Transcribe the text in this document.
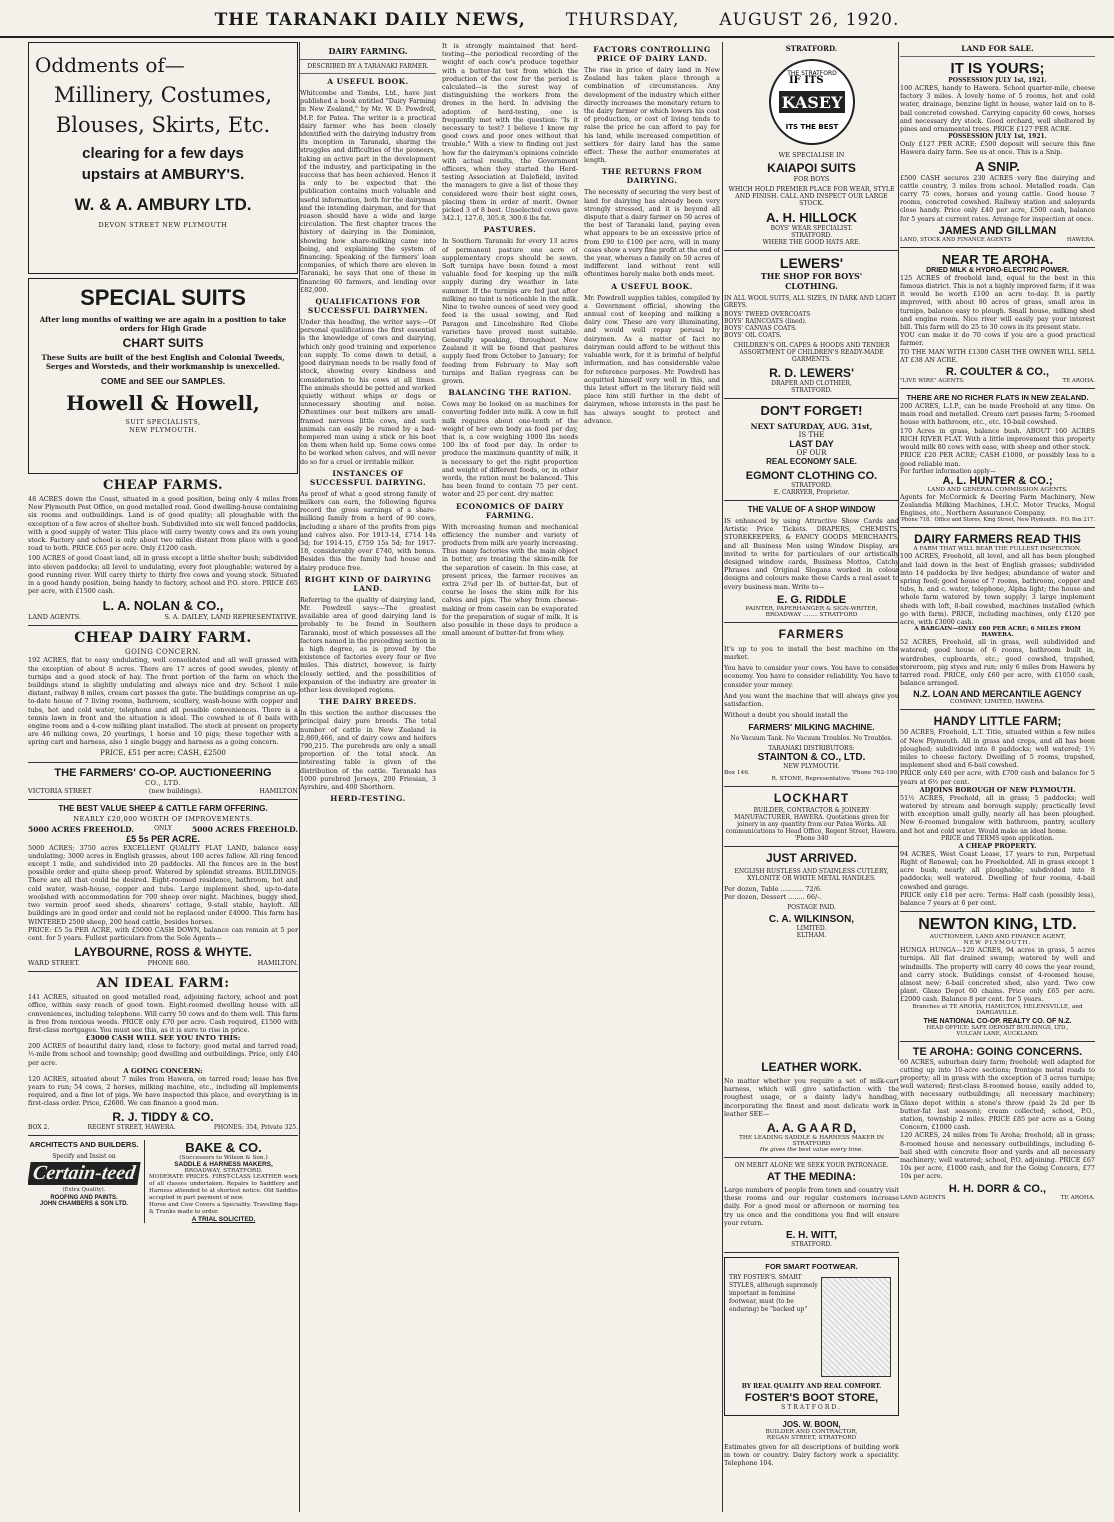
THE TARANAKI DAILY NEWS, THURSDAY, AUGUST 26, 1920.
Oddments of—
Millinery, Costumes,
Blouses, Skirts, Etc.
clearing for a few days
upstairs at AMBURY'S.
W. & A. AMBURY LTD.
DEVON STREET NEW PLYMOUTH
SPECIAL SUITS
After long months of waiting we are again in a position to take orders for High Grade
CHART SUITS
These Suits are built of the best English and Colonial Tweeds, Serges and Worsteds, and their workmanship is unexcelled.
COME and SEE our SAMPLES.
Howell & Howell,
SUIT SPECIALISTS,
NEW PLYMOUTH.
CHEAP FARMS.

48 ACRES down the Coast, situated in a good position, being only 4 miles from New Plymouth Post Office, on good metalled road. Good dwelling-house containing six rooms and outbuildings. Land is of good quality; all ploughable with the exception of a few acres of shelter bush. Subdivided into six well fenced paddocks, with a good supply of water. This place will carry twenty cows and its own young stock. Factory and school is only about two miles distant from place with a good road to both. PRICE £65 per acre. Only £1200 cash.

100 ACRES of good Coast land, all in grass except a little shelter bush; subdivided into eleven paddocks; all level to undulating, every foot ploughable; watered by a good running river. Will carry thirty to thirty five cows and young stock. Situated in a good handy position, being handy to factory, school and P.O. store. PRICE £65 per acre, with £1500 cash.

L. A. NOLAN & CO.,
LAND AGENTS.	S. A. DAILEY, LAND REPRESENTATIVE.
CHEAP DAIRY FARM.
GOING CONCERN.

192 ACRES, flat to easy undulating, well consolidated and all well grassed with the exception of about 8 acres. There are 17 acres of good swedes, plenty of turnips and a good stock of hay. The front portion of the farm on which the buildings stand is slightly undulating and always nice and dry. School 1 mile distant, railway 8 miles, cream cart passes the gate. The buildings comprise an up-to-date house of 7 living rooms, bathroom, scullery, wash-house with copper and tubs, hot and cold water, telephone and all possible conveniences. There is a tennis lawn in front and the situation is ideal. The cowshed is of 6 bails with engine room and a 4-cow milking plant installed. The stock at present on property are 46 milking cows, 20 yearlings, 1 horse and 10 pigs; these together with a spring cart and harness, also 1 single buggy and harness as a going concern.

PRICE, £51 per acre; CASH, £2500
THE FARMERS' CO-OP. AUCTIONEERING
CO., LTD.
VICTORIA STREET	(new buildings).	HAMILTON
THE BEST VALUE SHEEP & CATTLE FARM OFFERING.
NEARLY £20,000 WORTH OF IMPROVEMENTS.
5000 ACRES FREEHOLD.	ONLY	5000 ACRES FREEHOLD.
£5 5s PER ACRE.

5000 ACRES; 3750 acres EXCELLENT QUALITY FLAT LAND, balance easy undulating; 3000 acres in English grasses, about 100 acres fallow. All ring fenced except 1 mile, and subdivided into 20 paddocks. All the fences are in the best possible order and quite sheep proof. Watered by splendid streams. BUILDINGS: There are all that could be desired. Eight-roomed residence, bathroom, hot and cold water, wash-house, copper and tubs. Large implement shed, up-to-date woolshed with accommodation for 700 sheep over night. Machines, buggy shed, two vermin proof seed sheds, shearers' cottage, 9-stall stable, hayloft. All buildings are in good order and could not be replaced under £4000. This farm has WINTERED 2500 sheep, 200 head cattle, besides horses.

PRICE: £5 5s PER ACRE, with £5000 CASH DOWN, balance can remain at 5 per cent. for 5 years. Fullest particulars from the Sole Agents—

LAYBOURNE, ROSS & WHYTE.
WARD STREET.	PHONE 680.	HAMILTON.
AN IDEAL FARM:

141 ACRES, situated on good metalled road, adjoining factory, school and post office, within easy reach of good town. Eight-roomed dwelling house with all conveniences, including telephone. Will carry 50 cows and do them well. This farm is free from noxious weeds. PRICE only £70 per acre. Cash required, £1500 with first-class mortgages. You must see this, as it is sure to rise in price.

£3000 CASH WILL SEE YOU INTO THIS:

200 ACRES of beautiful dairy land, close to factory; good metal and tarred road; ½-mile from school and township; good dwelling and outbuildings. Price, only £40 per acre.

A GOING CONCERN:

120 ACRES, situated about 7 miles from Hawera, on tarred road; lease has five years to run; 54 cows, 2 horses, milking machine, etc., including all implements required, and a fine lot of pigs. We have inspected this place, and everything is in first-class order. Price, £2600. We can finance a good man.

R. J. TIDDY & CO.
BOX 2.	REGENT STREET, HAWERA.	PHONES: 354, Private 325.
ARCHITECTS AND BUILDERS.
Specify and Insist on
Certain-teed
(Extra Quality).
ROOFING AND PAINTS.
JOHN CHAMBERS & SON LTD.
BAKE & CO.
(Successors to Wilson & Son.)
SADDLE & HARNESS MAKERS,
BROADWAY, STRATFORD.

MODERATE PRICES. FIRST-CLASS LEATHER work of all classes undertaken. Repairs to Saddlery and Harness attended to at shortest notice. Old Saddles accepted in part payment of new.

Horse and Cow Covers a Speciality. Travelling Bags & Trunks made to order.

A TRIAL SOLICITED.
DAIRY FARMING.
DESCRIBED BY A TARANAKI FARMER.
A USEFUL BOOK.

Whitcombe and Tombs, Ltd., have just published a book entitled "Dairy Farming in New Zealand," by Mr. W. D. Powdrell, M.P. for Patea. The writer is a practical dairy farmer who has been closely identified with the dairying industry from its inception in Taranaki, sharing the struggles and difficulties of the pioneers, taking an active part in the development of the industry, and participating in the success that has been achieved. Hence it is only to be expected that the publication contains much valuable and useful information, both for the dairyman and the intending dairyman, and for that reason should have a wide and large circulation. The first chapter traces the history of dairying in the Dominion, showing how share-milking came into being, and explaining the system of financing. Speaking of the farmers' loan companies, of which there are eleven in Taranaki, he says that one of these in financing 60 farmers, and lending over £82,000.

QUALIFICATIONS FOR SUCCESSFUL DAIRYMEN.

Under this heading, the writer says:—Of personal qualifications the first essential is the knowledge of cows and dairying, which only good training and experience can supply. To come down to detail, a good dairyman needs to be really fond of stock, showing every kindness and consideration to his cows at all times. The animals should be petted and worked quietly without whips or dogs or unnecessary shouting and noise. Oftentimes our best milkers are small-framed nervous little cows, and such animals can easily be ruined by a bad-tempered man using a stick or his boot on them when held up. Some cows come to be worked when calves, and will never do so for a cruel or irritable milker.

INSTANCES OF SUCCESSFUL DAIRYING.

As proof of what a good strong family of milkers can earn, the following figures record the gross earnings of a share-milking family from a herd of 90 cows, including a share of the profits from pigs and calves also. For 1913-14, £714 14s 3d; for 1914-15, £759 15s 5d; for 1917-18, considerably over £740, with bonus. Besides this the family had house and dairy produce free.

RIGHT KIND OF DAIRYING LAND.

Referring to the quality of dairying land, Mr. Powdrell says:—The greatest available area of good dairying land is probably to be found in Southern Taranaki, most of which possesses all the factors named in the preceding section in a high degree, as is proved by the existence of factories every four or five miles. This district, however, is fairly closely settled, and the possibilities of expansion of the industry are greater in other less developed regions.

THE DAIRY BREEDS.

In this section the author discusses the principal dairy pure breeds. The total number of cattle in New Zealand is 2,869,466, and of dairy cows and heifers 790,215. The purebreds are only a small proportion of the total stock. An interesting table is given of the distribution of the cattle. Taranaki has 1000 purebred Jerseys, 200 Friesian, 3 Ayrshire, and 400 Shorthorn.

HERD-TESTING.

It is strongly maintained that herd-testing—the periodical recording of the weight of each cow's produce together with a butter-fat test from which the production of the cow for the period is calculated—is the surest way of distinguishing the workers from the drones in the herd. In advising the adoption of herd-testing, one is frequently met with the question: "Is it necessary to test? I believe I know my good cows and poor ones without that trouble." With a view to finding out just how far the dairyman's opinions coincide with actual results, the Government officers, when they started the Herd-testing Association at Dalefield, invited the managers to give a list of those they considered were their best eight cows, placing them in order of merit. Owner picked 3 of 8 best. Unselected cows gave 342.1, 127.6, 305.8, 300.6 lbs fat.

PASTURES.

In Southern Taranaki for every 13 acres of permanent pasture one acre of supplementary crops should be sown. Soft turnips have been found a most valuable food for keeping up the milk supply during dry weather in late summer. If the turnips are fed just after milking no taint is noticeable in the milk. Nine to twelve ounces of seed very good feed is the usual sowing, and Red Paragon and Lincolnshire Red Globe varieties have proved most suitable. Generally speaking, throughout New Zealand it will be found that pastures supply feed from October to January; for feeding from February to May soft turnips and Italian ryegrass can be grown.

BALANCING THE RATION.

Cows may be looked on as machines for converting fodder into milk. A cow in full milk requires about one-tenth of the weight of her own body as food per day, that is, a cow weighing 1000 lbs needs 100 lbs of food per day. In order to produce the maximum quantity of milk, it is necessary to get the right proportion and weight of different foods, or, in other words, the ration must be balanced. This has been found to contain 75 per cent. water and 25 per cent. dry matter.

ECONOMICS OF DAIRY FARMING.

With increasing human and mechanical efficiency the number and variety of products from milk are yearly increasing. Thus many factories with the main object in butter, are treating the skim-milk for the separation of casein. In this case, at present prices, the farmer receives an extra 2¾d per lb. of butter-fat, but of course he loses the skim milk for his calves and pigs. The whey from cheese-making or from casein can be evaporated for the preparation of sugar of milk. It is also possible in these days to produce a small amount of butter-fat from whey.

FACTORS CONTROLLING PRICE OF DAIRY LAND.

The rise in price of dairy land in New Zealand has taken place through a combination of circumstances. Any development of the industry which either directly increases the monetary return to the dairy farmer or which lowers his cost of production, or cost of living tends to raise the price he can afford to pay for his land, while increased competition of settlers for dairy land has the same effect. These the author enumerates at length.

THE RETURNS FROM DAIRYING.

The necessity of securing the very best of land for dairying has already been very strongly stressed, and it is beyond all dispute that a dairy farmer on 50 acres of the best of Taranaki land, paying even what appears to be an excessive price of from £90 to £100 per acre, will in many cases show a very fine profit at the end of the year, whereas a family on 50 acres of indifferent land without rent will oftentimes barely make both ends meet.

A USEFUL BOOK.

Mr. Powdrell supplies tables, compiled by a Government official, showing the annual cost of keeping and milking a dairy cow. These are very illuminating, and would well repay perusal by dairymen. As a matter of fact no dairyman could afford to be without this valuable work, for it is brimful of helpful information, and has considerable value for reference purposes. Mr. Powdrell has acquitted himself very well in this, and this latest effort in the literary field will place him still further in the debt of dairymen, whose interests in the past he has always sought to protect and advance.

STRATFORD.
IF ITS
THE STRATFORD
KASEY
ITS THE BEST
WE SPECIALISE IN
KAIAPOI SUITS
FOR BOYS
WHICH HOLD PREMIER PLACE FOR WEAR, STYLE AND FINISH. CALL AND INSPECT OUR LARGE STOCK.
A. H. HILLOCK
BOYS' WEAR SPECIALIST.
STRATFORD.
WHERE THE GOOD HATS ARE.
LEWERS'
THE SHOP FOR BOYS'
CLOTHING.
IN ALL WOOL SUITS, ALL SIZES, IN DARK AND LIGHT GREYS.
BOYS' TWEED OVERCOATS
BOYS' RAINCOATS (lined).
BOYS' CANVAS COATS.
BOYS' OIL COATS.
CHILDREN'S OIL CAPES & HOODS AND TENDER ASSORTMENT OF CHILDREN'S READY-MADE GARMENTS.
R. D. LEWERS'
DRAPER AND CLOTHIER,
STRATFORD.
DON'T FORGET!
NEXT SATURDAY, AUG. 31st,
IS THE
LAST DAY
OF OUR
REAL ECONOMY SALE.
EGMONT CLOTHING CO.
STRATFORD.
E. CARRYER, Proprietor.
THE VALUE OF A SHOP WINDOW

IS enhanced by using Attractive Show Cards and Artistic Price Tickets. DRAPERS, CHEMISTS, STOREKEEPERS, & FANCY GOODS MERCHANTS, and all Business Men using Window Display, are invited to write for particulars of our artistically designed window cards, Business Mottos, Catchy Phrases and Original Slogans worked in colour designs and colours make these Cards a real asset to every business man. Write to—

E. G. RIDDLE
PAINTER, PAPERHANGER & SIGN-WRITER,
BROADWAY ........ STRATFORD
FARMERS

It's up to you to install the best machine on the market.

You have to consider your cows. You have to consider economy. You have to consider reliability. You have to consider your money.

And you want the machine that will always give you satisfaction.

Without a doubt you should install the

FARMERS' MILKING MACHINE.
No Vacuum Tank. No Vacuum Troubles. No Troubles.
TARANAKI DISTRIBUTORS:
STAINTON & CO., LTD.
NEW PLYMOUTH.
Box 146.	'Phone 762-190.
R. STONE, Representative.
LOCKHART
BUILDER, CONTRACTOR & JOINERY MANUFACTURER, HAWERA. Quotations given for joinery in any quantity from our Patea Works. All communications to Head Office, Regent Street, Hawera. 'Phone 340
JUST ARRIVED.
ENGLISH RUSTLESS AND STAINLESS CUTLERY, XYLONITE OR WHITE METAL HANDLES.
Per dozen, Table ........... 72/6.
Per dozen, Dessert ........ 66/-.
POSTAGE PAID.
C. A. WILKINSON,
LIMITED.
ELTHAM.
LEATHER WORK.

No matter whether you require a set of milk-cart harness, which will give satisfaction with the roughest usage, or a dainty lady's handbag, incorporating the finest and most delicate work in leather SEE—

A. A. G A A R D,
THE LEADING SADDLE & HARNESS MAKER IN STRATFORD
He gives the best value every time.
ON MERIT ALONE WE SEEK YOUR PATRONAGE.
AT THE MEDINA:

Large numbers of people from town and country visit these rooms and our regular customers increase daily. For a good meal or afternoon or morning tea try us once and the conditions you find will ensure your return.

E. H. WITT,
STRATFORD.
FOR SMART FOOTWEAR.
TRY FOSTER'S. SMART STYLES, although supremely important in feminine footwear, must (to be enduring) be "backed up"
BY REAL QUALITY AND REAL COMFORT.
FOSTER'S BOOT STORE,
STRATFORD.
JOS. W. BOON,
BUILDER AND CONTRACTOR,
REGAN STREET, STRATFORD

Estimates given for all descriptions of building work in town or country. Dairy factory work a speciality. Telephone 104.

LAND FOR SALE.
IT IS YOURS;
POSSESSION JULY 1st, 1921.

100 ACRES, handy to Hawera. School quarter-mile, cheese factory 3 miles. A lovely home of 5 rooms, hot and cold water, drainage, benzine light in house, water laid on to 8-bail concreted cowshed. Carrying capacity 60 cows, horses and necessary dry stock. Good orchard, well sheltered by pines and ornamental trees. PRICE £127 PER ACRE.

POSSESSION JULY 1st, 1921.

Only £127 PER ACRE; £500 deposit will secure this fine Hawera dairy farm. See us at once. This is a Snip.

A SNIP.

£500 CASH secures 230 ACRES very fine dairying and cattle country, 3 miles from school. Metalled roads. Can carry 75 cows, horses and young cattle. Good house 7 rooms, concreted cowshed. Railway station and saleyards close handy. Price only £40 per acre, £500 cash, balance for 5 years at current rates. Arrange for inspection at once.

JAMES AND GILLMAN
LAND, STOCK AND FINANCE AGENTS	HAWERA.
NEAR TE AROHA.
DRIED MILK & HYDRO-ELECTRIC POWER.

125 ACRES of freehold land, equal to the best in this famous district. This is not a highly improved farm; if it was it would be worth £100 an acre to-day. It is partly improved, with about 80 acres of grass, small area in turnips, balance easy to plough. Small house, milking shed and engine room. Nice river will easily pay your interest bill. This farm will do 25 to 30 cows in its present state.

YOU can make it do 70 cows if you are a good practical farmer.

TO THE MAN WITH £1300 CASH THE OWNER WILL SELL AT £38 AN ACRE.

R. COULTER & CO.,
"LIVE WIRE" AGENTS.	TE AROHA.
THERE ARE NO RICHER FLATS IN NEW ZEALAND.

200 ACRES, L.I.P., can be made Freehold at any time. On main road and metalled. Cream cart passes farm; 5-roomed house with bathroom, etc., etc. 10-bail cowshed.

170 Acres in grass, balance bush. ABOUT 160 ACRES RICH RIVER FLAT. With a little improvement this property would milk 80 cows with ease, with sheep and other stock.

PRICE £20 PER ACRE; CASH £1000, or possibly less to a good reliable man.

For further information apply—
A. L. HUNTER & CO.;
LAND AND GENERAL COMMISSION AGENTS.

Agents for McCormick & Deering Farm Machinery, New Zealandia Milking Machines, I.H.C. Motor Trucks, Mogul Engines, etc., Northern Assurance Company.

'Phone 718. Office and Stores, King Street, New Plymouth. P.O. Box 217.
DAIRY FARMERS READ THIS
A FARM THAT WILL BEAR THE FULLEST INSPECTION.

100 ACRES, Freehold, all level, and all has been ploughed and laid down in the best of English grasses; subdivided into 14 paddocks by live hedges; abundance of water and spring feed; good house of 7 rooms, bathroom, copper and tubs, h. and c. water, telephone, Alpha light; the house and whole farm watered by town supply; 3 large implement sheds with loft, 8-bail cowshed, machines installed (which go with farm). PRICE, including machines, only £120 per acre, with £3000 cash.

A BARGAIN—ONLY £60 PER ACRE; 6 MILES FROM HAWERA.

52 ACRES, Freehold, all in grass, well subdivided and watered; good house of 6 rooms, bathroom built in, wardrobes, cupboards, etc.; good cowshed, trapshed, storeroom, pig styes and run; only 6 miles from Hawera by tarred road. PRICE, only £60 per acre, with £1050 cash, balance arranged.

N.Z. LOAN AND MERCANTILE AGENCY
COMPANY, LIMITED, HAWERA.
HANDY LITTLE FARM;

50 ACRES, Freehold, L.T. Title, situated within a few miles of New Plymouth. All in grass and crops, and all has been ploughed; subdivided into 8 paddocks; well watered; 1½ miles to cheese factory. Dwelling of 5 rooms, trapshed, implement shed and 6-bail cowshed.

PRICE only £40 per acre, with £700 cash and balance for 5 years at 6½ per cent.

ADJOINS BOROUGH OF NEW PLYMOUTH.

51½ ACRES, Freehold, all in grass; 5 paddocks; well watered by stream and borough supply; practically level with exception small gully, nearly all has been ploughed. New 6-roomed bungalow with bathroom, pantry, scullery and hot and cold water. Would make an ideal home.

PRICE and TERMS upon application.
A CHEAP PROPERTY.

94 ACRES, West Coast Lease, 17 years to run, Perpetual Right of Renewal; can be Freeholded. All in grass except 1 acre bush; nearly all ploughable; subdivided into 8 paddocks; well watered. Dwelling of four rooms, 4-bail cowshed and garage.

PRICE only £18 per acre. Terms: Half cash (possibly less), balance 7 years at 6 per cent.

NEWTON KING, LTD.
AUCTIONEER, LAND AND FINANCE AGENT,
NEW PLYMOUTH.

HUNGA HUNGA—120 ACRES, 94 acres in grass, 5 acres turnips. All flat drained swamp; watered by well and windmills. The property will carry 40 cows the year round, and carry stock. Buildings consist of 4-roomed house, almost new; 6-bail concreted shed, also yard. Two cow plant. Glaxo Depot 60 chains. Price only £65 per acre. £2000 cash. Balance 8 per cent. for 5 years.

Branches at TE AROHA, HAMILTON, HELENSVILLE, and DARGAVILLE.
THE NATIONAL CO-OP. REALTY CO. OF N.Z.
HEAD OFFICE: SAFE DEPOSIT BUILDINGS, LTD.,
VULCAN LANE, AUCKLAND.
TE AROHA: GOING CONCERNS.

60 ACRES, suburban dairy farm; freehold; well adapted for cutting up into 10-acre sections; frontage metal roads to property; all in grass with the exception of 3 acres turnips; well watered; first-class 8-roomed house, easily added to, with necessary outbuildings; all necessary machinery; Glaxo depot within a stone's throw (paid 2s 2d per lb butter-fat last season); cream collected; school, P.O., station, township 2 miles. PRICE £85 per acre as a Going Concern, £1000 cash.

120 ACRES, 24 miles from Te Aroha; freehold; all in grass; 8-roomed house and necessary outbuildings, including 6-bail shed with concrete floor and yards and all necessary machinery; well watered; school, P.O. adjoining. PRICE £67 10s per acre, £1000 cash, and for the Going Concern, £77 10s per acre.

H. H. DORR & CO.,
LAND AGENTS	TE AROHA.
